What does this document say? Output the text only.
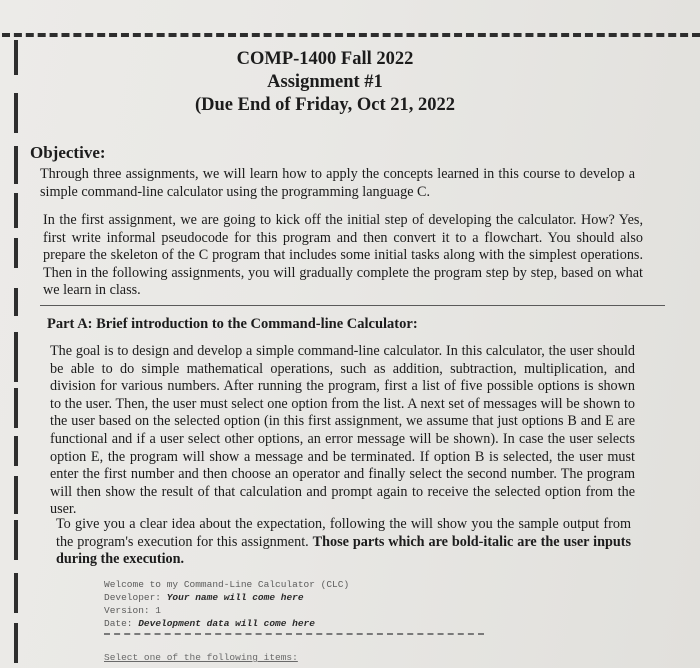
COMP-1400 Fall 2022
Assignment #1
(Due End of Friday, Oct 21, 2022
Objective:
Through three assignments, we will learn how to apply the concepts learned in this course to develop a simple command-line calculator using the programming language C.
In the first assignment, we are going to kick off the initial step of developing the calculator. How? Yes, first write informal pseudocode for this program and then convert it to a flowchart. You should also prepare the skeleton of the C program that includes some initial tasks along with the simplest operations. Then in the following assignments, you will gradually complete the program step by step, based on what we learn in class.
Part A: Brief introduction to the Command-line Calculator:
The goal is to design and develop a simple command-line calculator. In this calculator, the user should be able to do simple mathematical operations, such as addition, subtraction, multiplication, and division for various numbers. After running the program, first a list of five possible options is shown to the user. Then, the user must select one option from the list. A next set of messages will be shown to the user based on the selected option (in this first assignment, we assume that just options B and E are functional and if a user select other options, an error message will be shown). In case the user selects option E, the program will show a message and be terminated. If option B is selected, the user must enter the first number and then choose an operator and finally select the second number. The program will then show the result of that calculation and prompt again to receive the selected option from the user.
To give you a clear idea about the expectation, following the will show you the sample output from the program's execution for this assignment. Those parts which are bold-italic are the user inputs during the execution.
Welcome to my Command-Line Calculator (CLC)
Developer: Your name will come here
Version: 1
Date: Development data will come here
Select one of the following items:
